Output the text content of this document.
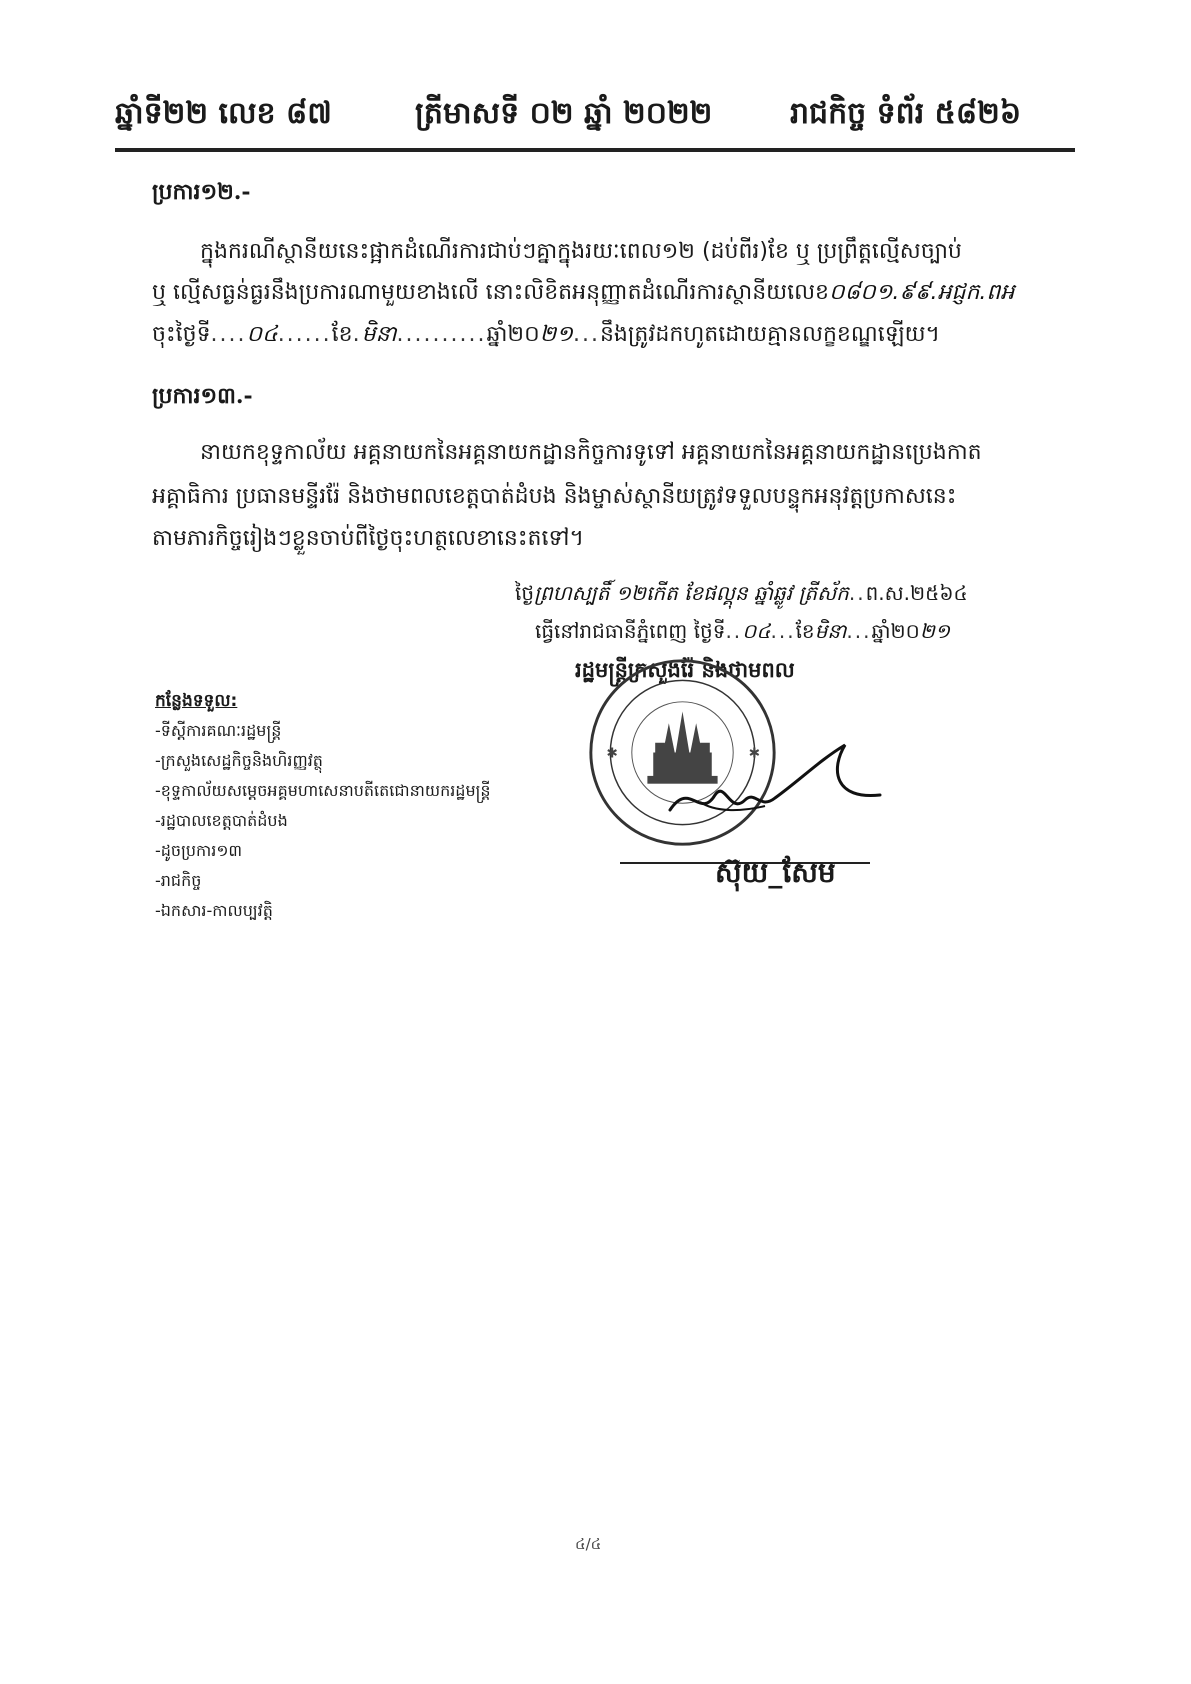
ឆ្នាំទី២២ លេខ ៨៧	ត្រីមាសទី ០២ ឆ្នាំ ២០២២	រាជកិច្ច ទំព័រ ៥៨២៦
ប្រការ១២.-
ក្នុងករណីស្ថានីយនេះផ្អាកដំណើរការជាប់ៗគ្នាក្នុងរយៈពេល១២ (ដប់ពីរ)ខែ ឬ ប្រព្រឹត្តល្មើសច្បាប់
ឬ ល្មើសធ្ងន់ធ្ងរនឹងប្រការណាមួយខាងលើ នោះលិខិតអនុញ្ញាតដំណើរការស្ថានីយលេខ០៨០១.៩៩.អជ្ញក.ពអ
ចុះថ្ងៃទី....០៤......ខែ.មិនា..........ឆ្នាំ២០២១...នឹងត្រូវដកហូតដោយគ្មានលក្ខខណ្ឌឡើយ។
ប្រការ១៣.-
នាយកខុទ្ទកាល័យ អគ្គនាយកនៃអគ្គនាយកដ្ឋានកិច្ចការទូទៅ អគ្គនាយកនៃអគ្គនាយកដ្ឋានប្រេងកាត
អគ្គាធិការ ប្រធានមន្ទីររ៉ែ និងថាមពលខេត្តបាត់ដំបង និងម្ចាស់ស្ថានីយត្រូវទទួលបន្ទុកអនុវត្តប្រកាសនេះ
តាមភារកិច្ចរៀងៗខ្លួនចាប់ពីថ្ងៃចុះហត្ថលេខានេះតទៅ។
ថ្ងៃព្រហស្បតិ៍ ១២កើត ខែផល្គុន ឆ្នាំឆ្លូវ ត្រីស័ក..ព.ស.២៥៦៤
ធ្វើនៅរាជធានីភ្នំពេញ ថ្ងៃទី..០៤...ខែមិនា...ឆ្នាំ២០២១
រដ្ឋមន្ត្រីក្រសួងរ៉ែ និងថាមពល
✱	✱
ស៊ុយ_សែម
កន្លែងទទួល:
-ទីស្តីការគណៈរដ្ឋមន្ត្រី
-ក្រសួងសេដ្ឋកិច្ចនិងហិរញ្ញវត្ថុ
-ខុទ្ទកាល័យសម្តេចអគ្គមហាសេនាបតីតេជោនាយករដ្ឋមន្ត្រី
-រដ្ឋបាលខេត្តបាត់ដំបង
-ដូចប្រការ១៣
-រាជកិច្ច
-ឯកសារ-កាលប្បវត្តិ
៤/៤
